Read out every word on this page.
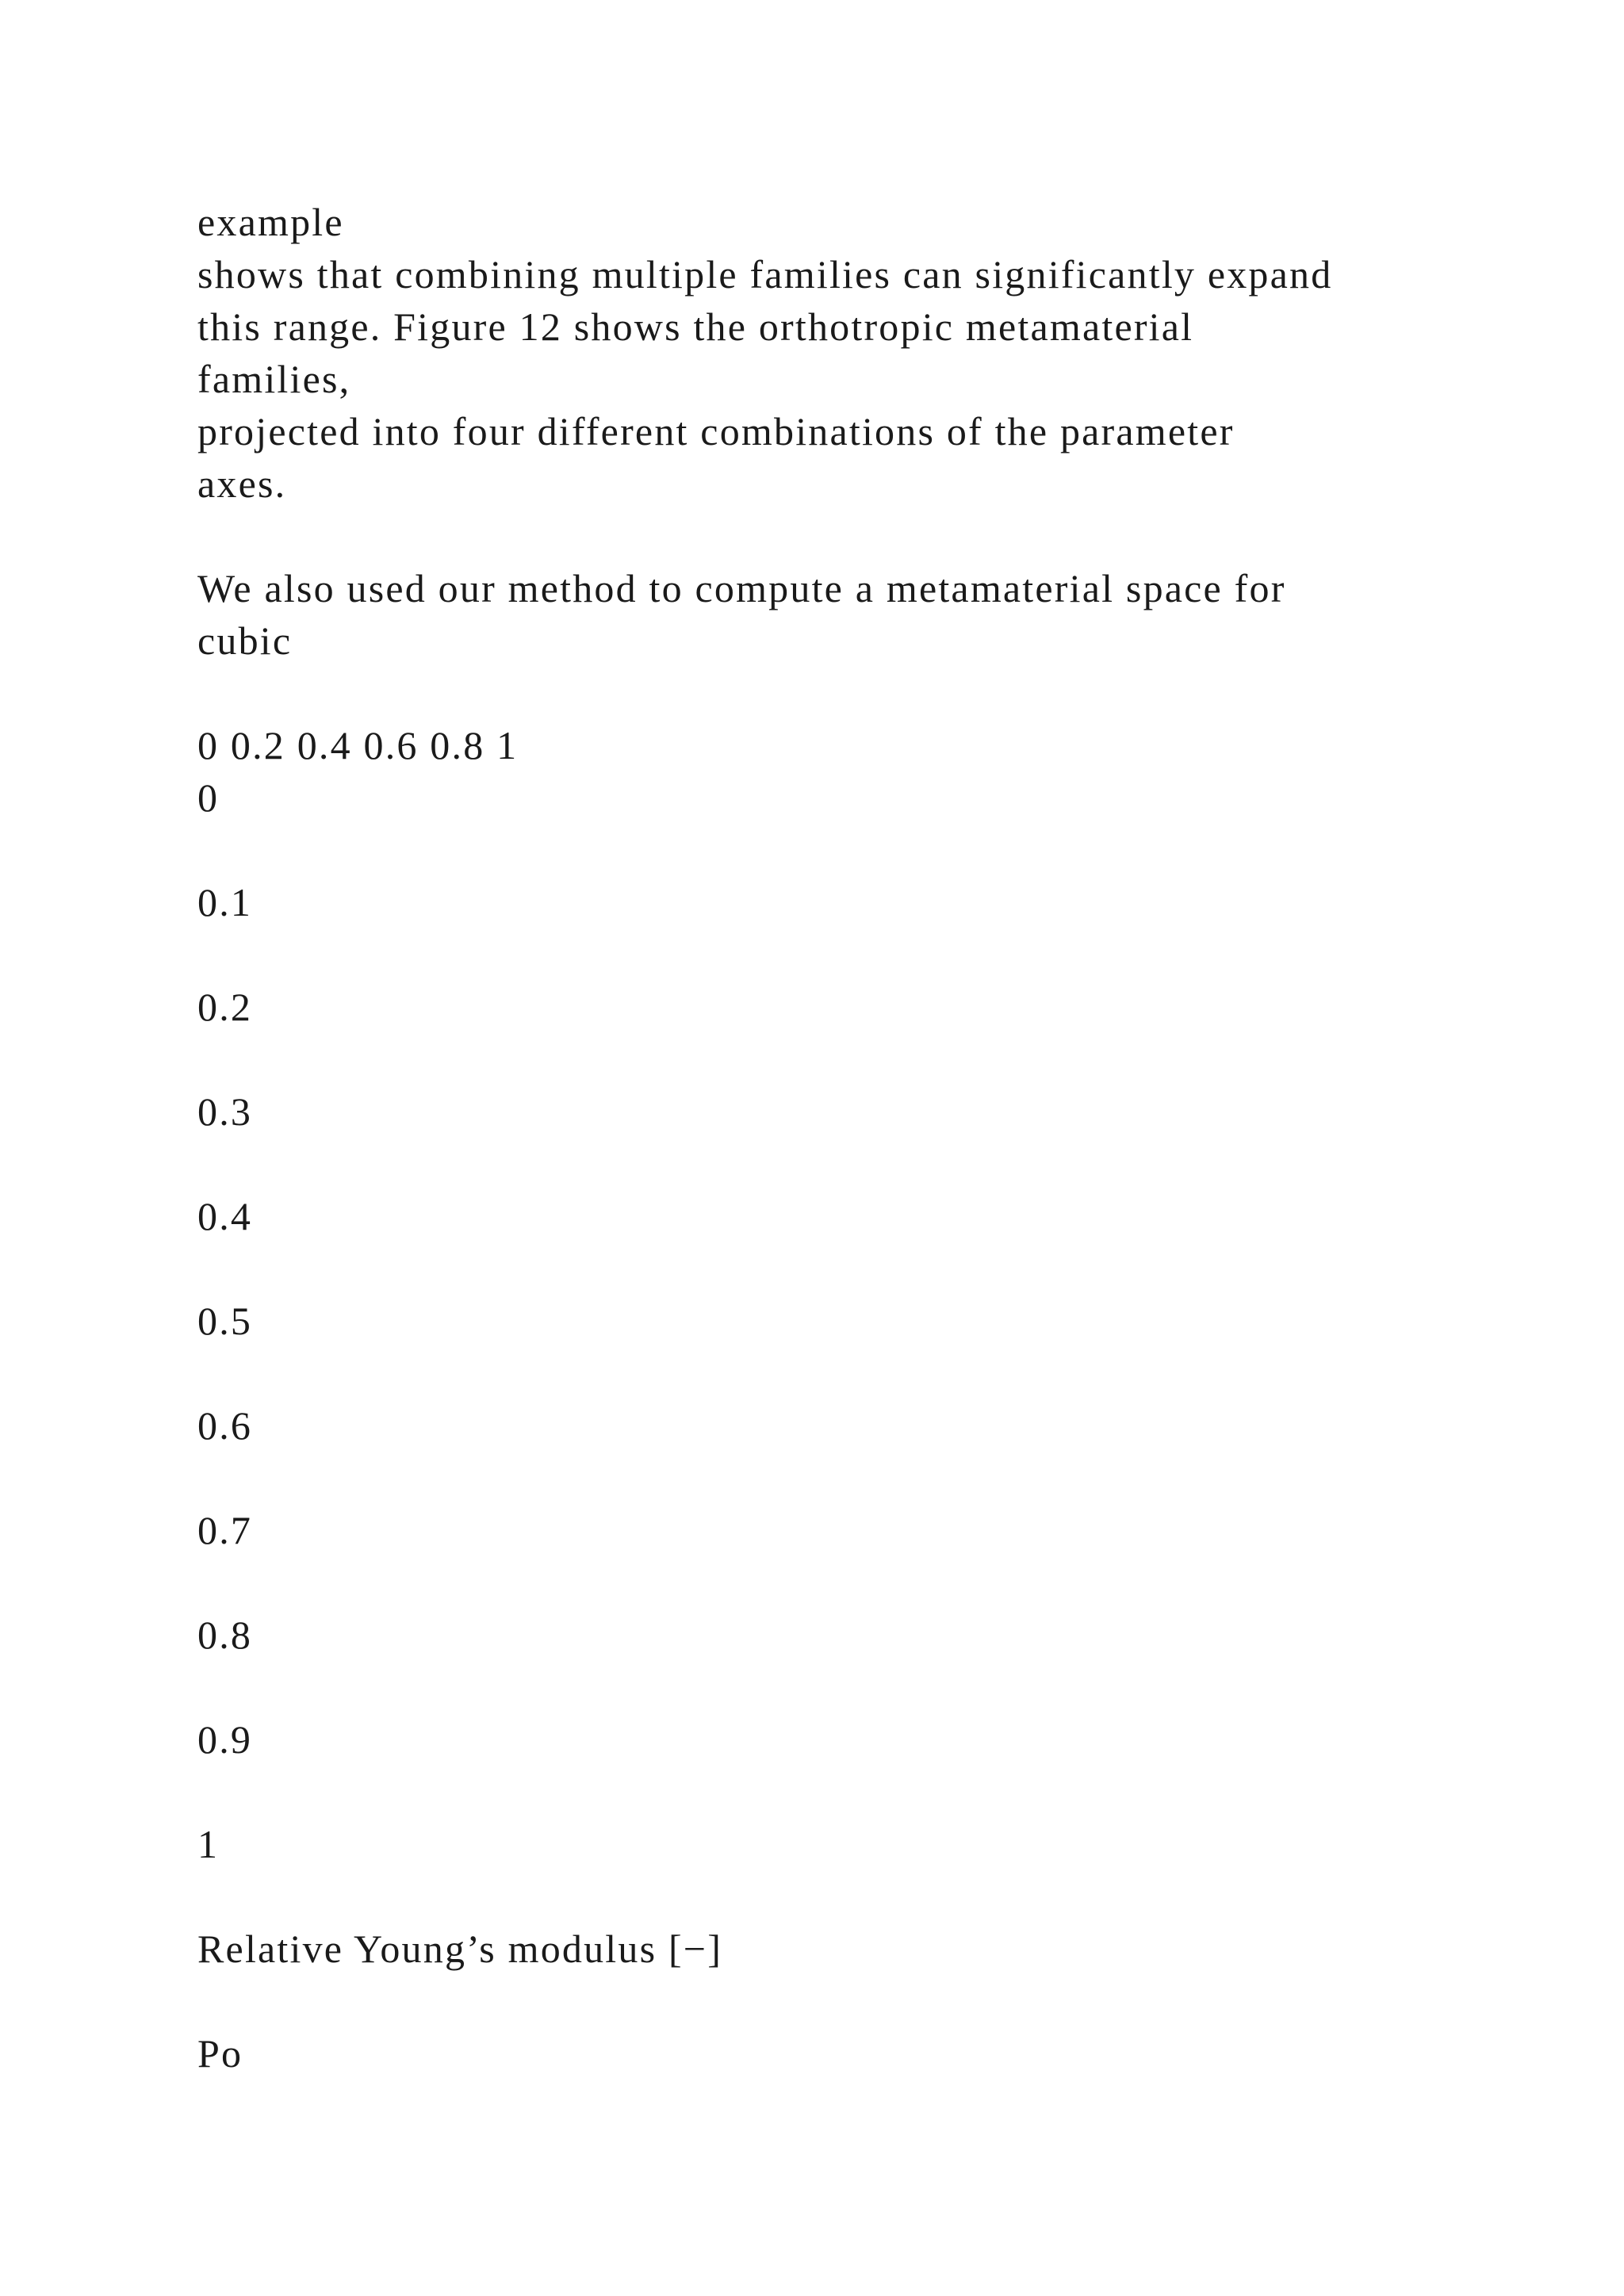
example

shows that combining multiple families can significantly expand

this range. Figure 12 shows the orthotropic metamaterial

families,

projected into four different combinations of the parameter

axes.

We also used our method to compute a metamaterial space for

cubic

0 0.2 0.4 0.6 0.8 1

0

0.1

0.2

0.3

0.4

0.5

0.6

0.7

0.8

0.9

1

Relative Young’s modulus [−]

Po
